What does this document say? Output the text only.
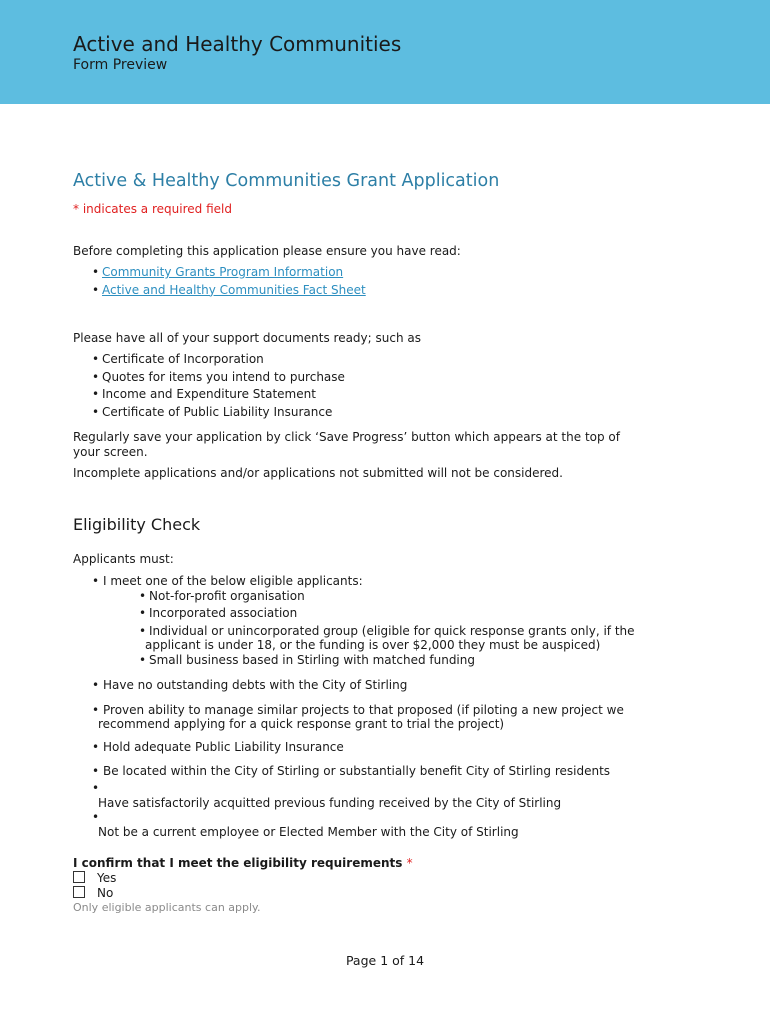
Active and Healthy Communities
Form Preview
Active & Healthy Communities Grant Application
* indicates a required field
Before completing this application please ensure you have read:
• Community Grants Program Information
• Active and Healthy Communities Fact Sheet
Please have all of your support documents ready; such as
• Certificate of Incorporation
• Quotes for items you intend to purchase
• Income and Expenditure Statement
• Certificate of Public Liability Insurance
Regularly save your application by click ‘Save Progress’ button which appears at the top of
your screen.
Incomplete applications and/or applications not submitted will not be considered.
Eligibility Check
Applicants must:
• I meet one of the below eligible applicants:
• Not-for-profit organisation
• Incorporated association
• Individual or unincorporated group (eligible for quick response grants only, if the
applicant is under 18, or the funding is over $2,000 they must be auspiced)
• Small business based in Stirling with matched funding
• Have no outstanding debts with the City of Stirling
• Proven ability to manage similar projects to that proposed (if piloting a new project we
recommend applying for a quick response grant to trial the project)
• Hold adequate Public Liability Insurance
• Be located within the City of Stirling or substantially benefit City of Stirling residents
•
Have satisfactorily acquitted previous funding received by the City of Stirling
•
Not be a current employee or Elected Member with the City of Stirling
I confirm that I meet the eligibility requirements *
Yes
No
Only eligible applicants can apply.
Page 1 of 14
